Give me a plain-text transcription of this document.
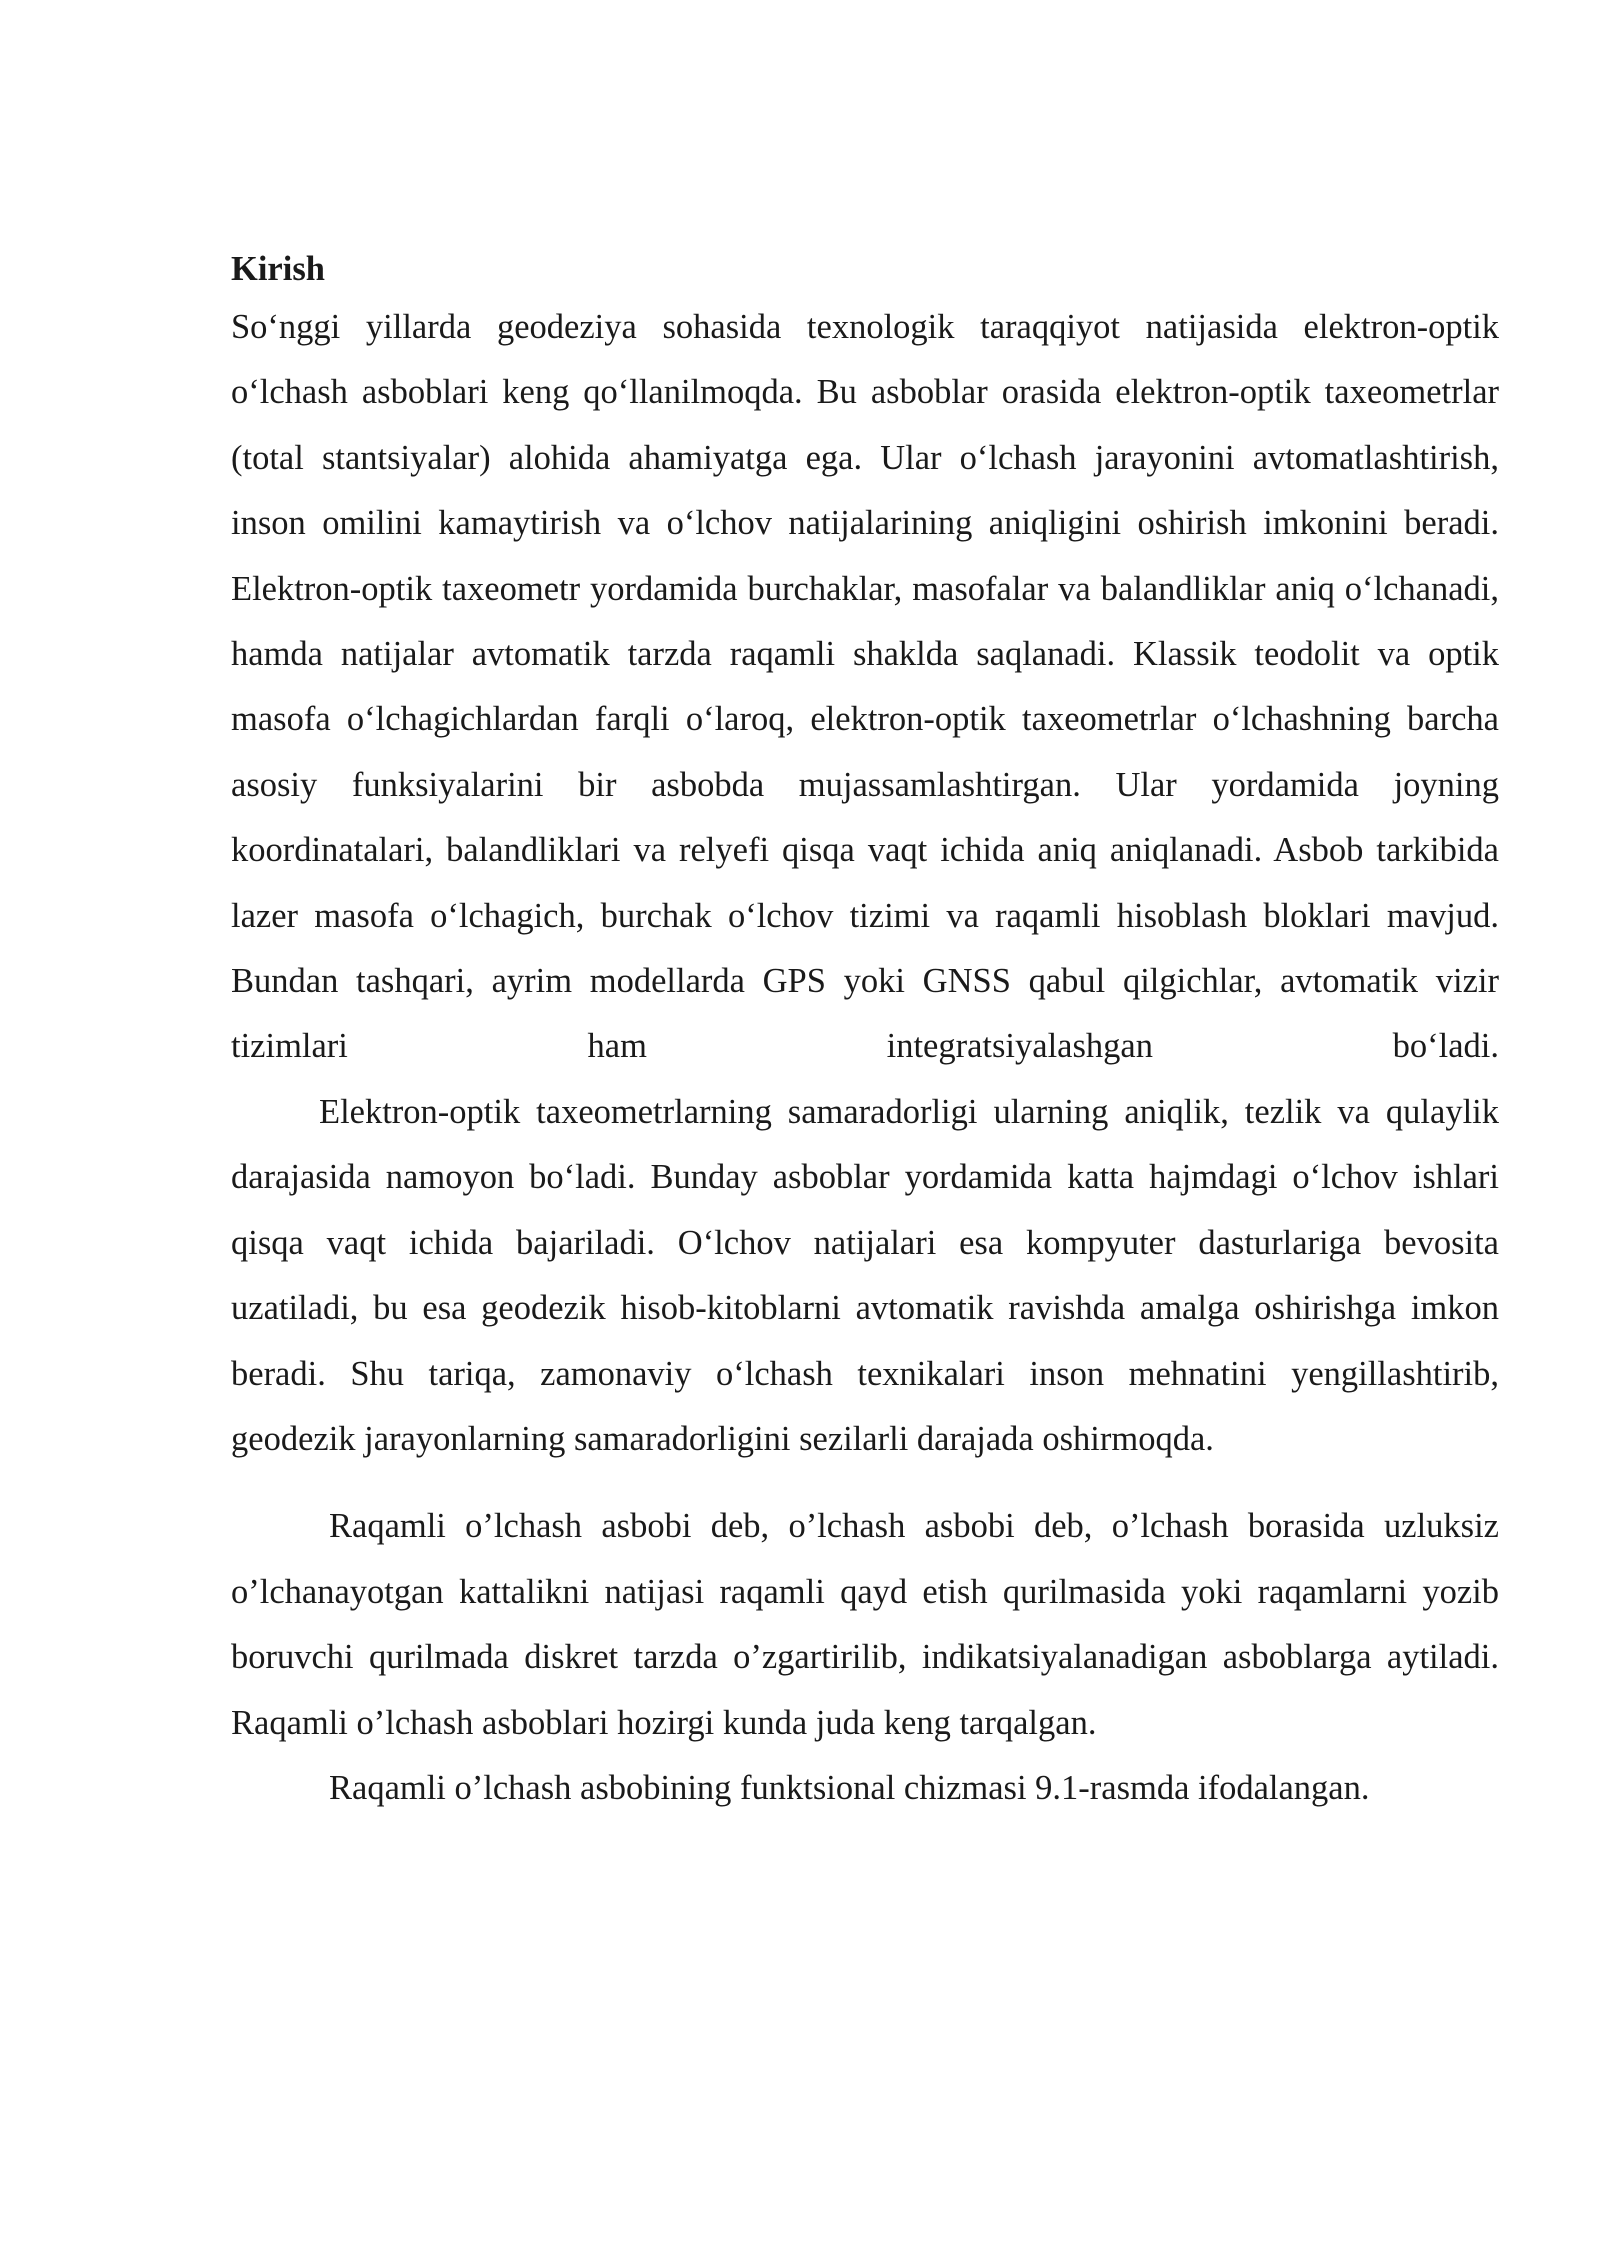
Kirish

So‘nggi yillarda geodeziya sohasida texnologik taraqqiyot natijasida elektron-optik o‘lchash asboblari keng qo‘llanilmoqda. Bu asboblar orasida elektron-optik taxeometrlar (total stantsiyalar) alohida ahamiyatga ega. Ular o‘lchash jarayonini avtomatlashtirish, inson omilini kamaytirish va o‘lchov natijalarining aniqligini oshirish imkonini beradi. Elektron-optik taxeometr yordamida burchaklar, masofalar va balandliklar aniq o‘lchanadi, hamda natijalar avtomatik tarzda raqamli shaklda saqlanadi. Klassik teodolit va optik masofa o‘lchagichlardan farqli o‘laroq, elektron-optik taxeometrlar o‘lchashning barcha asosiy funksiyalarini bir asbobda mujassamlashtirgan. Ular yordamida joyning koordinatalari, balandliklari va relyefi qisqa vaqt ichida aniq aniqlanadi. Asbob tarkibida lazer masofa o‘lchagich, burchak o‘lchov tizimi va raqamli hisoblash bloklari mavjud. Bundan tashqari, ayrim modellarda GPS yoki GNSS qabul qilgichlar, avtomatik vizir tizimlari ham integratsiyalashgan bo‘ladi.

Elektron-optik taxeometrlarning samaradorligi ularning aniqlik, tezlik va qulaylik darajasida namoyon bo‘ladi. Bunday asboblar yordamida katta hajmdagi o‘lchov ishlari qisqa vaqt ichida bajariladi. O‘lchov natijalari esa kompyuter dasturlariga bevosita uzatiladi, bu esa geodezik hisob-kitoblarni avtomatik ravishda amalga oshirishga imkon beradi. Shu tariqa, zamonaviy o‘lchash texnikalari inson mehnatini yengillashtirib, geodezik jarayonlarning samaradorligini sezilarli darajada oshirmoqda.

Raqamli o’lchash asbobi deb, o’lchash asbobi deb, o’lchash borasida uzluksiz o’lchanayotgan kattalikni natijasi raqamli qayd etish qurilmasida yoki raqamlarni yozib boruvchi qurilmada diskret tarzda o’zgartirilib, indikatsiyalanadigan asboblarga aytiladi. Raqamli o’lchash asboblari hozirgi kunda juda keng tarqalgan.

Raqamli o’lchash asbobining funktsional chizmasi 9.1-rasmda ifodalangan.
